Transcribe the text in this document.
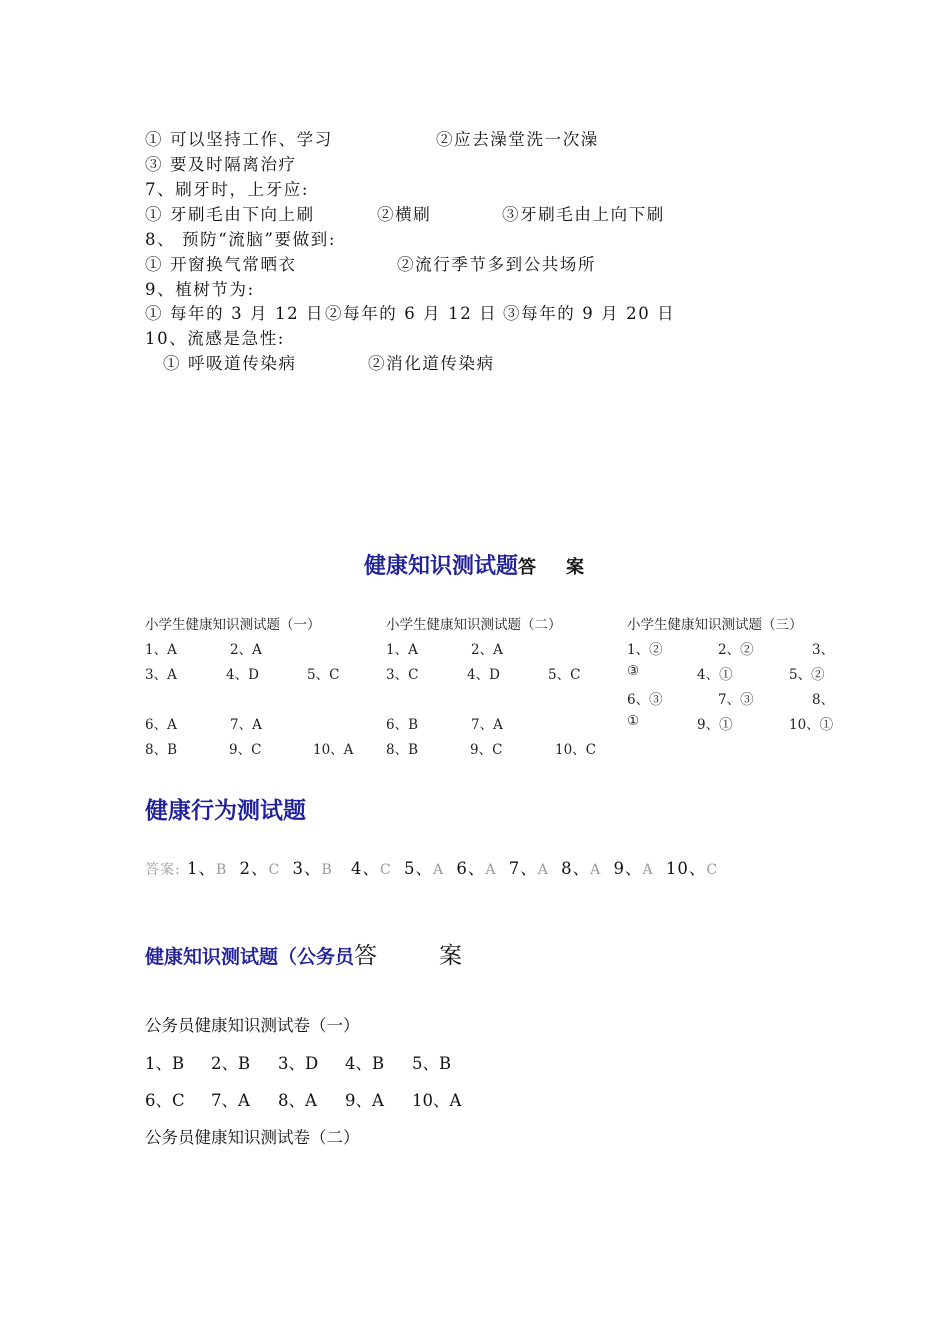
① 可以坚持工作、学习	②应去澡堂洗一次澡
③ 要及时隔离治疗
7、刷牙时，上牙应:
① 牙刷毛由下向上刷	②横刷	③牙刷毛由上向下刷
8、 预防“流脑”要做到:
① 开窗换气常晒衣	②流行季节多到公共场所
9、植树节为:
① 每年的 3 月 12 日 ②每年的 6 月 12 日 ③每年的 9 月 20 日
10、流感是急性:
① 呼吸道传染病	②消化道传染病
健康知识测试题答 案
小学生健康知识测试题（一）
1、A	2、A
3、A	4、D	5、C
6、A	7、A
8、B	9、C	10、A
小学生健康知识测试题（二）
1、A	2、A
3、C	4、D	5、C
6、B	7、A
8、B	9、C	10、C
小学生健康知识测试题（三）
1、②	2、②	3、
③	4、①	5、②
6、③	7、③	8、
①	9、①	10、①
健康行为测试题
答案: 1、B 2、C 3、B 4、C 5、A 6、A 7、A 8、A 9、A 10、C
健康知识测试题（公务员答	案
公务员健康知识测试卷（一）
1、B 2、B 3、D 4、B 5、B
6、C 7、A 8、A 9、A 10、A
公务员健康知识测试卷（二）
